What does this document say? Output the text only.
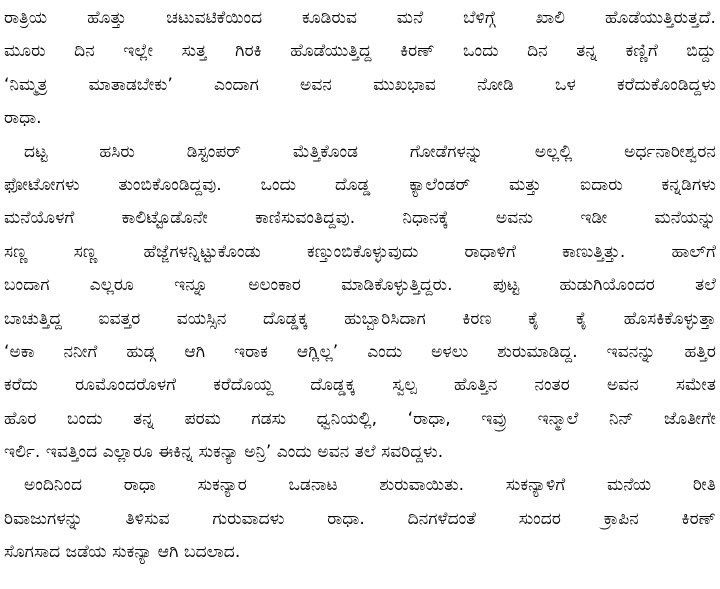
ರಾತ್ರಿಯ ಹೊತ್ತು ಚಟುವಟಿಕೆಯಿಂದ ಕೂಡಿರುವ ಮನೆ ಬೆಳಿಗ್ಗೆ ಖಾಲಿ ಹೊಡೆಯುತ್ತಿರುತ್ತದೆ.
ಮೂರು ದಿನ ಇಲ್ಲೇ ಸುತ್ತ ಗಿರಕಿ ಹೊಡೆಯುತ್ತಿದ್ದ ಕಿರಣ್ ಒಂದು ದಿನ ತನ್ನ ಕಣ್ಣಿಗೆ ಬಿದ್ದು
‘ನಿಮ್ಮತ್ರ ಮಾತಾಡಬೇಕು’ ಎಂದಾಗ ಅವನ ಮುಖಭಾವ ನೋಡಿ ಒಳ ಕರೆದುಕೊಂಡಿದ್ದಳು
ರಾಧಾ.
ದಟ್ಟ ಹಸಿರು ಡಿಸ್ಟಂಪರ್ ಮೆತ್ತಿಕೊಂಡ ಗೋಡೆಗಳನ್ನು ಅಲ್ಲಲ್ಲಿ ಅರ್ಧನಾರೀಶ್ವರನ
ಫೋಟೋಗಳು ತುಂಬಿಕೊಂಡಿದ್ದವು. ಒಂದು ದೊಡ್ಡ ಕ್ಯಾಲೆಂಡರ್ ಮತ್ತು ಐದಾರು ಕನ್ನಡಿಗಳು
ಮನೆಯೊಳಗೆ ಕಾಲಿಟ್ಟೊಡೊನೇ ಕಾಣಿಸುವಂತಿದ್ದವು. ನಿಧಾನಕ್ಕೆ ಅವನು ಇಡೀ ಮನೆಯನ್ನು
ಸಣ್ಣ ಸಣ್ಣ ಹೆಜ್ಜೆಗಳನ್ನಿಟ್ಟುಕೊಂಡು ಕಣ್ತುಂಬಿಕೊಳ್ಳುವುದು ರಾಧಾಳಿಗೆ ಕಾಣುತ್ತಿತ್ತು. ಹಾಲ್‌ಗೆ
ಬಂದಾಗ ಎಲ್ಲರೂ ಇನ್ನೂ ಅಲಂಕಾರ ಮಾಡಿಕೊಳ್ಳುತ್ತಿದ್ದರು. ಪುಟ್ಟ ಹುಡುಗಿಯೊಂದರ ತಲೆ
ಬಾಚುತ್ತಿದ್ದ ಐವತ್ತರ ವಯಸ್ಸಿನ ದೊಡ್ಡಕ್ಕ ಹುಬ್ಬಾರಿಸಿದಾಗ ಕಿರಣ ಕೈ ಕೈ ಹೊಸಕಿಕೊಳ್ಳುತ್ತಾ
‘ಅಕಾ ನನೀಗೆ ಹುಡ್ಗ ಆಗಿ ಇರಾಕ ಆಗ್ಲಿಲ್ಲ’ ಎಂದು ಅಳಲು ಶುರುಮಾಡಿದ್ದ. ಇವನನ್ನು ಹತ್ತಿರ
ಕರೆದು ರೂಮೊಂದರೊಳಗೆ ಕರೆದೊಯ್ದ ದೊಡ್ಡಕ್ಕ ಸ್ವಲ್ಪ ಹೊತ್ತಿನ ನಂತರ ಅವನ ಸಮೇತ
ಹೊರ ಬಂದು ತನ್ನ ಪರಮ ಗಡಸು ಧ್ವನಿಯಲ್ಲಿ, ‘ರಾಧಾ, ಇವ್ರು ಇನ್ಮಾಲೆ ನಿನ್ ಜೊತೀಗೇ
ಇರ್ಲಿ. ಇವತ್ತಿಂದ ಎಲ್ಲಾರೂ ಈಕಿನ್ನ ಸುಕನ್ಯಾ ಅನ್ರಿ’ ಎಂದು ಅವನ ತಲೆ ಸವರಿದ್ದಳು.
ಅಂದಿನಿಂದ ರಾಧಾ ಸುಕನ್ಯಾರ ಒಡನಾಟ ಶುರುವಾಯಿತು. ಸುಕನ್ಯಾಳಿಗೆ ಮನೆಯ ರೀತಿ
ರಿವಾಜುಗಳನ್ನು ತಿಳಿಸುವ ಗುರುವಾದಳು ರಾಧಾ. ದಿನಗಳೆದಂತೆ ಸುಂದರ ಕ್ರಾಪಿನ ಕಿರಣ್
ಸೊಗಸಾದ ಜಡೆಯ ಸುಕನ್ಯಾ ಆಗಿ ಬದಲಾದ.
